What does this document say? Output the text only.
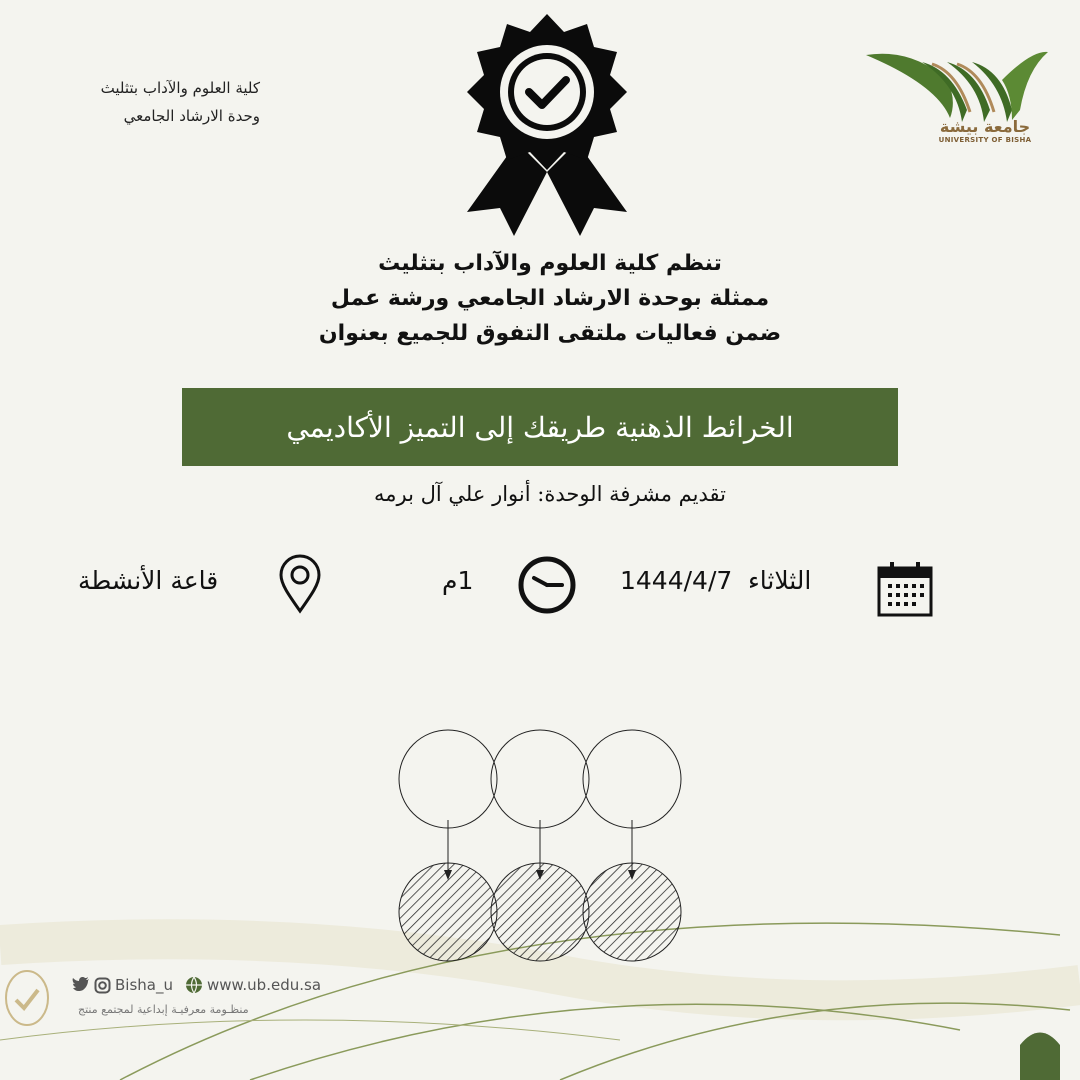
كلية العلوم والآداب بتثليث
وحدة الارشاد الجامعي
جامعة بيشة
UNIVERSITY OF BISHA
تنظم كلية العلوم والآداب بتثليث
ممثلة بوحدة الارشاد الجامعي ورشة عمل
ضمن فعاليات ملتقى التفوق للجميع بعنوان
الخرائط الذهنية طريقك إلى التميز الأكاديمي
تقديم مشرفة الوحدة: أنوار علي آل برمه
الثلاثاء
1444/4/7
1م
قاعة الأنشطة
Bisha_u www.ub.edu.sa
منظـومة معرفيـة إبداعية لمجتمع منتج
